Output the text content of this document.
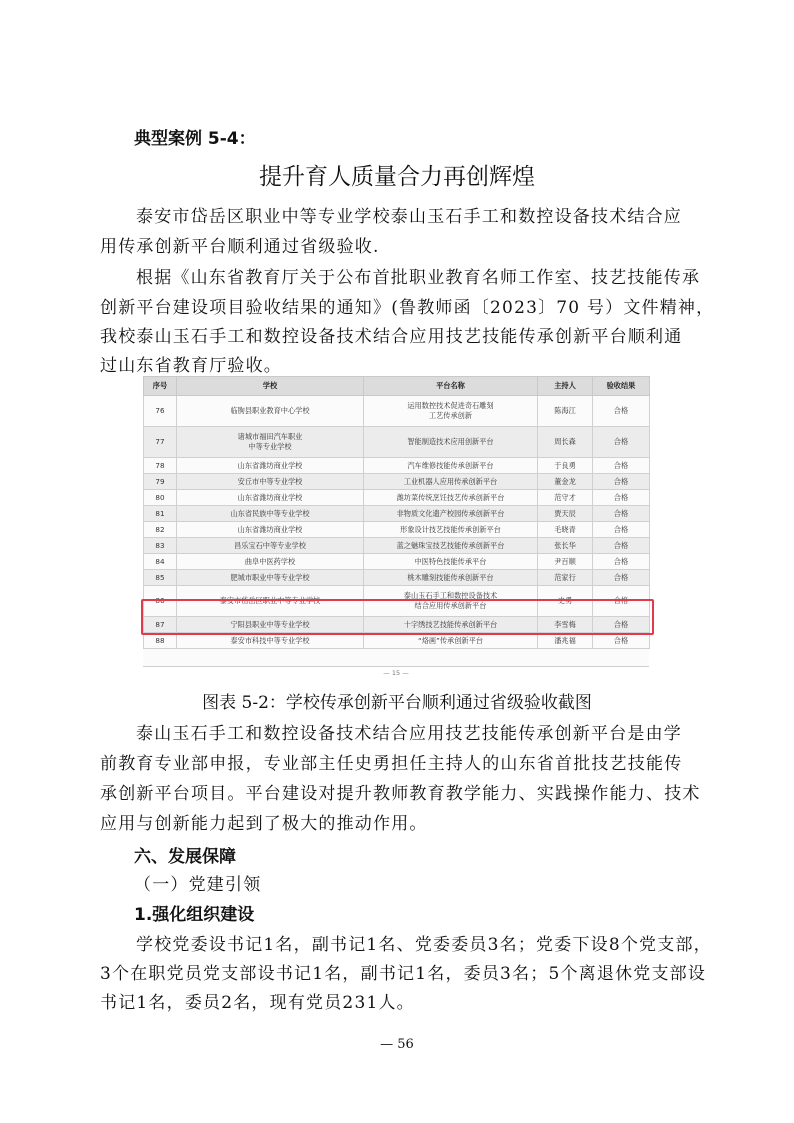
典型案例 5-4：
提升育人质量合力再创辉煌
泰安市岱岳区职业中等专业学校泰山玉石手工和数控设备技术结合应
用传承创新平台顺利通过省级验收.
根据《山东省教育厅关于公布首批职业教育名师工作室、技艺技能传承
创新平台建设项目验收结果的通知》(鲁教师函〔2023〕70 号）文件精神，
我校泰山玉石手工和数控设备技术结合应用技艺技能传承创新平台顺利通
过山东省教育厅验收。
序号	学校	平台名称	主持人	验收结果
76	临朐县职业教育中心学校	运用数控技术促进奇石雕刻
工艺传承创新	陈海江	合格
77	诸城市福田汽车职业
中等专业学校	智能制造技术应用创新平台	周长森	合格
78	山东省潍坊商业学校	汽车维修技能传承创新平台	于良勇	合格
79	安丘市中等专业学校	工业机器人应用传承创新平台	董金龙	合格
80	山东省潍坊商业学校	潍坊菜传统烹饪技艺传承创新平台	范守才	合格
81	山东省民族中等专业学校	非物质文化遗产校园传承创新平台	贾天辰	合格
82	山东省潍坊商业学校	形象设计技艺技能传承创新平台	毛晓青	合格
83	昌乐宝石中等专业学校	蓝之魅珠宝技艺技能传承创新平台	张长华	合格
84	曲阜中医药学校	中医特色技能传承平台	尹百顺	合格
85	肥城市职业中等专业学校	桃木雕刻技能传承创新平台	范家行	合格
86	泰安市岱岳区职业中等专业学校	泰山玉石手工和数控设备技术
结合应用传承创新平台	史勇	合格
87	宁阳县职业中等专业学校	十字绣技艺技能传承创新平台	李雪梅	合格
88	泰安市科技中等专业学校	“烙画”传承创新平台	潘兆福	合格
— 15 —
图表 5-2：学校传承创新平台顺利通过省级验收截图
泰山玉石手工和数控设备技术结合应用技艺技能传承创新平台是由学
前教育专业部申报，专业部主任史勇担任主持人的山东省首批技艺技能传
承创新平台项目。平台建设对提升教师教育教学能力、实践操作能力、技术
应用与创新能力起到了极大的推动作用。
六、发展保障
（一）党建引领
1.强化组织建设
学校党委设书记1名，副书记1名、党委委员3名；党委下设8个党支部，
3个在职党员党支部设书记1名，副书记1名，委员3名；5个离退休党支部设
书记1名，委员2名，现有党员231人。
— 56
